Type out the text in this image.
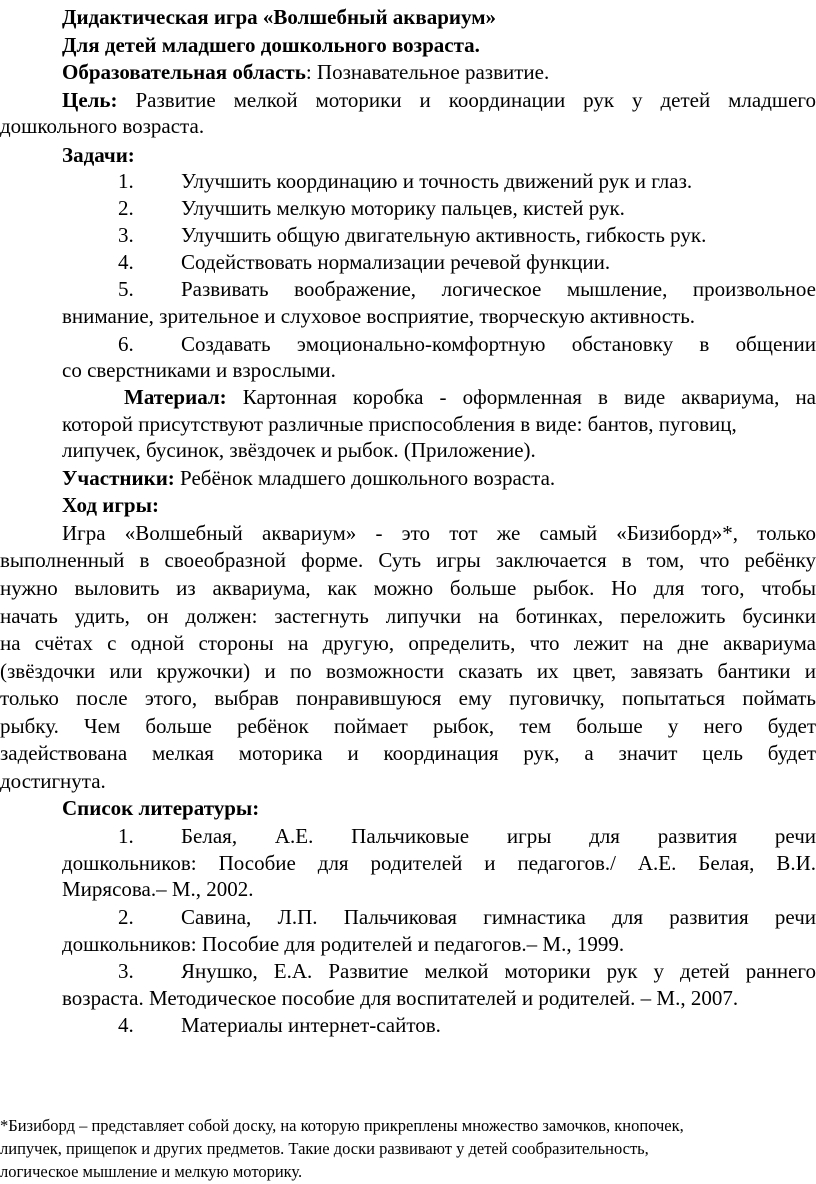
Дидактическая игра «Волшебный аквариум»
Для детей младшего дошкольного возраста.
Образовательная область: Познавательное развитие.
Цель: Развитие мелкой моторики и координации рук у детей младшего
дошкольного возраста.
Задачи:
1. Улучшить координацию и точность движений рук и глаз.
2. Улучшить мелкую моторику пальцев, кистей рук.
3. Улучшить общую двигательную активность, гибкость рук.
4. Содействовать нормализации речевой функции.
5. Развивать воображение, логическое мышление, произвольное
внимание, зрительное и слуховое восприятие, творческую активность.
6. Создавать эмоционально-комфортную обстановку в общении
со сверстниками и взрослыми.
Материал: Картонная коробка - оформленная в виде аквариума, на
которой присутствуют различные приспособления в виде: бантов, пуговиц,
липучек, бусинок, звёздочек и рыбок. (Приложение).
Участники: Ребёнок младшего дошкольного возраста.
Ход игры:
Игра «Волшебный аквариум» - это тот же самый «Бизиборд»*, только
выполненный в своеобразной форме. Суть игры заключается в том, что ребёнку
нужно выловить из аквариума, как можно больше рыбок. Но для того, чтобы
начать удить, он должен: застегнуть липучки на ботинках, переложить бусинки
на счётах с одной стороны на другую, определить, что лежит на дне аквариума
(звёздочки или кружочки) и по возможности сказать их цвет, завязать бантики и
только после этого, выбрав понравившуюся ему пуговичку, попытаться поймать
рыбку. Чем больше ребёнок поймает рыбок, тем больше у него будет
задействована мелкая моторика и координация рук, а значит цель будет
достигнута.
Список литературы:
1. Белая, А.Е. Пальчиковые игры для развития речи
дошкольников: Пособие для родителей и педагогов./ А.Е. Белая, В.И.
Мирясова.– М., 2002.
2. Савина, Л.П. Пальчиковая гимнастика для развития речи
дошкольников: Пособие для родителей и педагогов.– М., 1999.
3. Янушко, Е.А. Развитие мелкой моторики рук у детей раннего
возраста. Методическое пособие для воспитателей и родителей. – М., 2007.
4. Материалы интернет-сайтов.
*Бизиборд – представляет собой доску, на которую прикреплены множество замочков, кнопочек,
липучек, прищепок и других предметов. Такие доски развивают у детей сообразительность,
логическое мышление и мелкую моторику.
